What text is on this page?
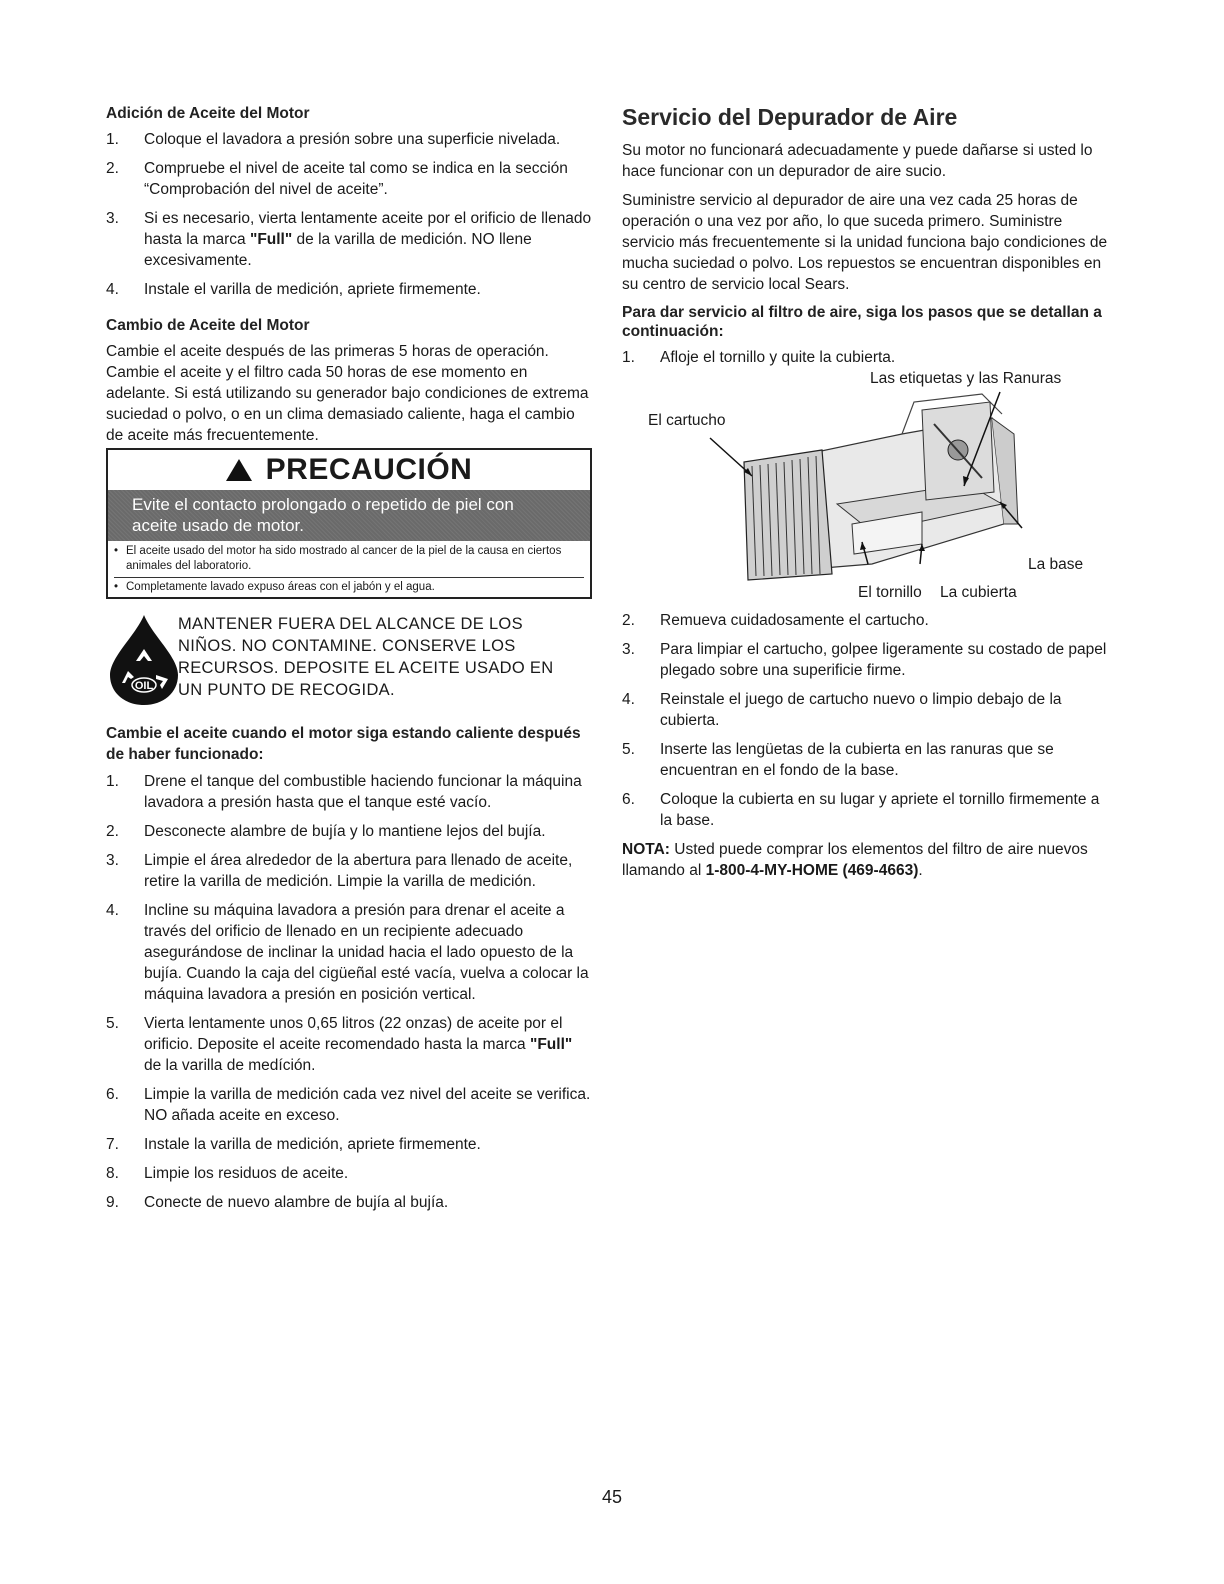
Adición de Aceite del Motor
1. Coloque el lavadora a presión sobre una superficie nivelada.
2. Compruebe el nivel de aceite tal como se indica en la sección “Comprobación del nivel de aceite”.
3. Si es necesario, vierta lentamente aceite por el orificio de llenado hasta la marca "Full" de la varilla de medición. NO llene excesivamente.
4. Instale el varilla de medición, apriete firmemente.
Cambio de Aceite del Motor

Cambie el aceite después de las primeras 5 horas de operación. Cambie el aceite y el filtro cada 50 horas de ese momento en adelante. Si está utilizando su generador bajo condiciones de extrema suciedad o polvo, o en un clima demasiado caliente, haga el cambio de aceite más frecuentemente.

PRECAUCIÓN
Evite el contacto prolongado o repetido de piel con
aceite usado de motor.
• El aceite usado del motor ha sido mostrado al cancer de la piel de la causa en ciertos animales del laboratorio.
• Completamente lavado expuso áreas con el jabón y el agua.
OIL
MANTENER FUERA DEL ALCANCE DE LOS
NIÑOS. NO CONTAMINE. CONSERVE LOS
RECURSOS. DEPOSITE EL ACEITE USADO EN
UN PUNTO DE RECOGIDA.
Cambie el aceite cuando el motor siga estando caliente después de haber funcionado:
1. Drene el tanque del combustible haciendo funcionar la máquina lavadora a presión hasta que el tanque esté vacío.
2. Desconecte alambre de bujía y lo mantiene lejos del bujía.
3. Limpie el área alrededor de la abertura para llenado de aceite, retire la varilla de medición. Limpie la varilla de medición.
4. Incline su máquina lavadora a presión para drenar el aceite a través del orificio de llenado en un recipiente adecuado asegurándose de inclinar la unidad hacia el lado opuesto de la bujía. Cuando la caja del cigüeñal esté vacía, vuelva a colocar la máquina lavadora a presión en posición vertical.
5. Vierta lentamente unos 0,65 litros (22 onzas) de aceite por el orificio. Deposite el aceite recomendado hasta la marca "Full" de la varilla de medíción.
6. Limpie la varilla de medición cada vez nivel del aceite se verifica. NO añada aceite en exceso.
7. Instale la varilla de medición, apriete firmemente.
8. Limpie los residuos de aceite.
9. Conecte de nuevo alambre de bujía al bujía.
Servicio del Depurador de Aire

Su motor no funcionará adecuadamente y puede dañarse si usted lo hace funcionar con un depurador de aire sucio.

Suministre servicio al depurador de aire una vez cada 25 horas de operación o una vez por año, lo que suceda primero. Suministre servicio más frecuentemente si la unidad funciona bajo condiciones de mucha suciedad o polvo. Los repuestos se encuentran disponibles en su centro de servicio local Sears.

Para dar servicio al filtro de aire, siga los pasos que se detallan a continuación:
1. Afloje el tornillo y quite la cubierta.
Las etiquetas y las Ranuras
El cartucho
La base
El tornillo La cubierta
2. Remueva cuidadosamente el cartucho.
3. Para limpiar el cartucho, golpee ligeramente su costado de papel plegado sobre una superificie firme.
4. Reinstale el juego de cartucho nuevo o limpio debajo de la cubierta.
5. Inserte las lengüetas de la cubierta en las ranuras que se encuentran en el fondo de la base.
6. Coloque la cubierta en su lugar y apriete el tornillo firmemente a la base.

NOTA: Usted puede comprar los elementos del filtro de aire nuevos llamando al 1-800-4-MY-HOME (469-4663).

45
